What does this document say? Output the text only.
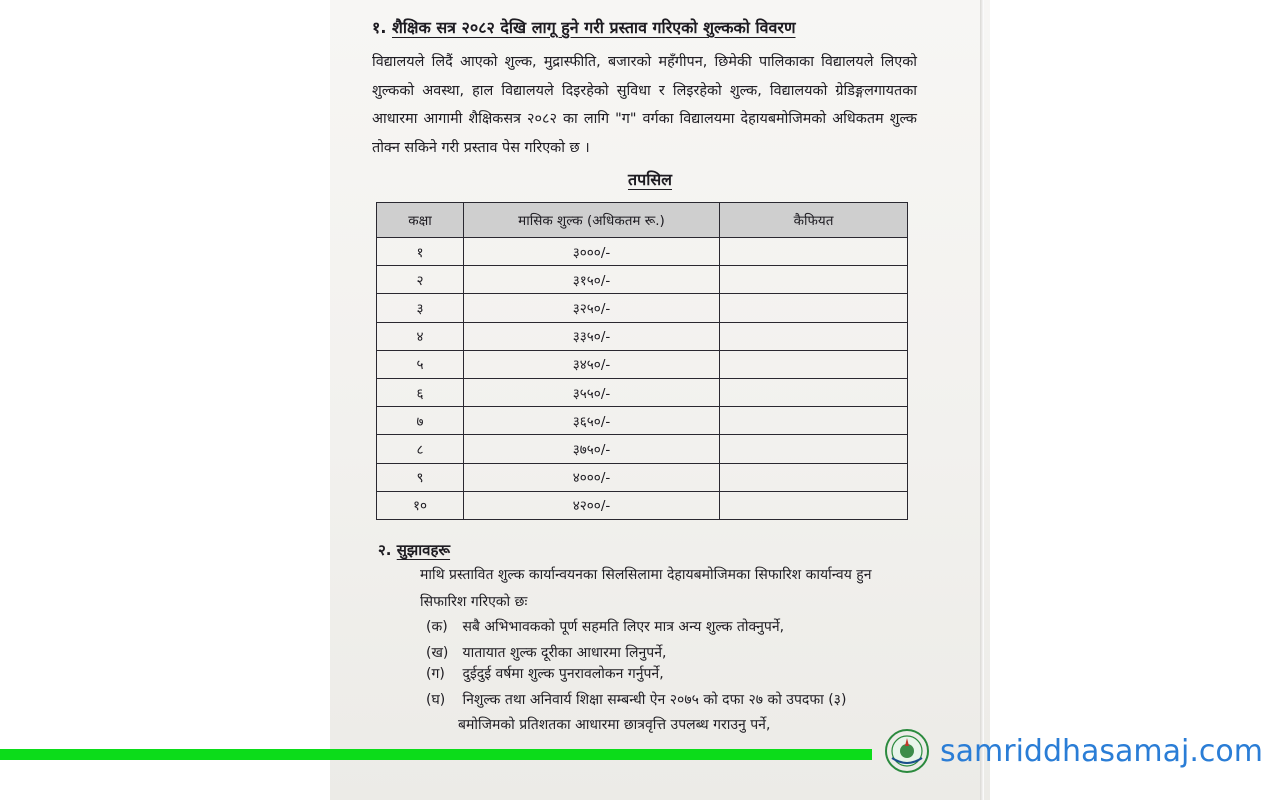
१. शैक्षिक सत्र २०८२ देखि लागू हुने गरी प्रस्ताव गरिएको शुल्कको विवरण

विद्यालयले लिदैं आएको शुल्क, मुद्रास्फीति, बजारको महँगीपन, छिमेकी पालिकाका विद्यालयले लिएको शुल्कको अवस्था, हाल विद्यालयले दिइरहेको सुविधा र लिइरहेको शुल्क, विद्यालयको ग्रेडिङ्गलगायतका आधारमा आगामी शैक्षिकसत्र २०८२ का लागि "ग" वर्गका विद्यालयमा देहायबमोजिमको अधिकतम शुल्क तोक्न सकिने गरी प्रस्ताव पेस गरिएको छ ।

तपसिल
कक्षा	मासिक शुल्क (अधिकतम रू.)	कैफियत
१	३०००/-	
२	३१५०/-	
३	३२५०/-	
४	३३५०/-	
५	३४५०/-	
६	३५५०/-	
७	३६५०/-	
८	३७५०/-	
९	४०००/-	
१०	४२००/-	
२. सुझावहरू

माथि प्रस्तावित शुल्क कार्यान्वयनका सिलसिलामा देहायबमोजिमका सिफारिश कार्यान्वय हुन सिफारिश गरिएको छः

(क) सबै अभिभावकको पूर्ण सहमति लिएर मात्र अन्य शुल्क तोक्नुपर्ने,
(ख) यातायात शुल्क दूरीका आधारमा लिनुपर्ने,
(ग) दुईदुई वर्षमा शुल्क पुनरावलोकन गर्नुपर्ने,
(घ) निशुल्क तथा अनिवार्य शिक्षा सम्बन्धी ऐन २०७५ को दफा २७ को उपदफा (३)
बमोजिमको प्रतिशतका आधारमा छात्रवृत्ति उपलब्ध गराउनु पर्ने,
samriddhasamaj.com
